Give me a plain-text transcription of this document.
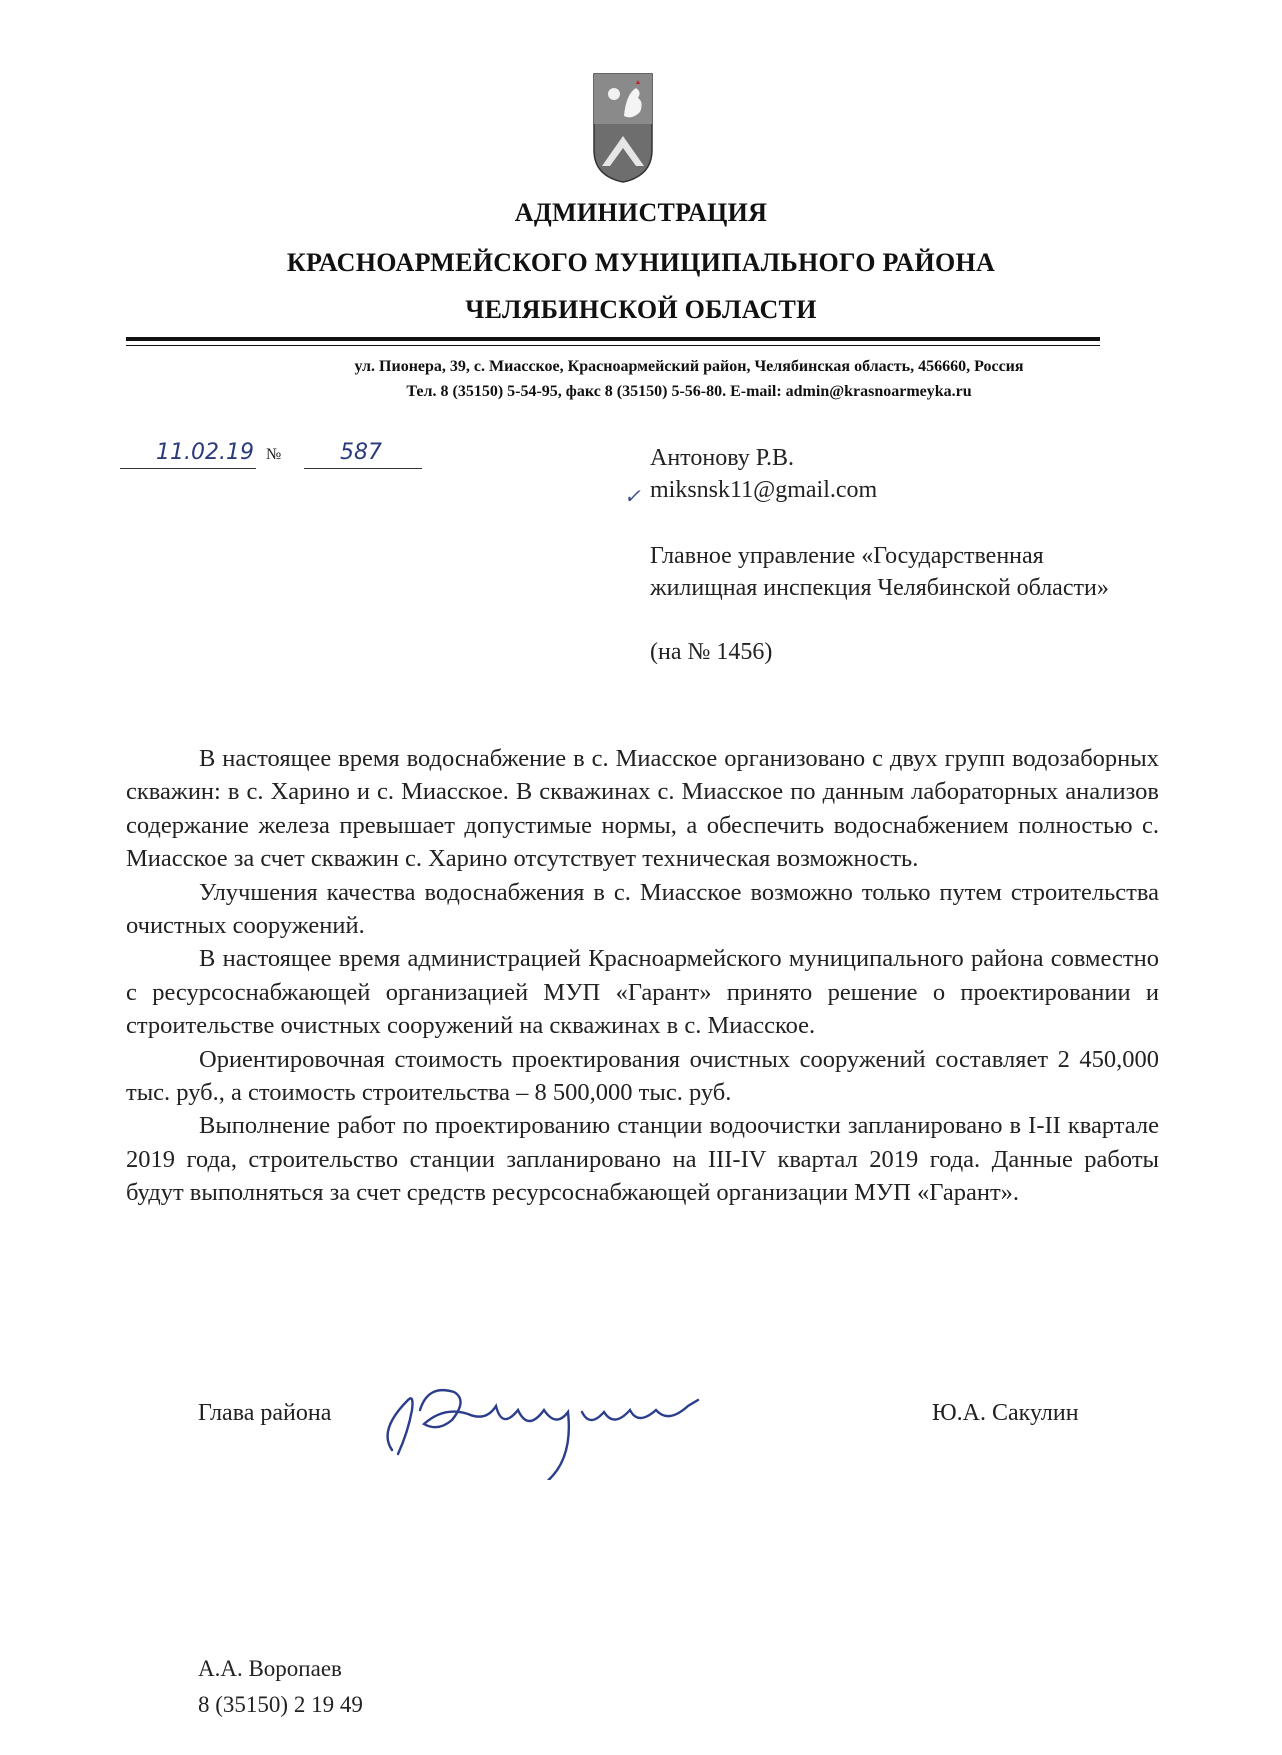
АДМИНИСТРАЦИЯ
КРАСНОАРМЕЙСКОГО МУНИЦИПАЛЬНОГО РАЙОНА
ЧЕЛЯБИНСКОЙ ОБЛАСТИ
ул. Пионера, 39, с. Миасское, Красноармейский район, Челябинская область, 456660, Россия
Тел. 8 (35150) 5-54-95, факс 8 (35150) 5-56-80. E-mail: admin@krasnoarmeyka.ru
11.02.19 №	587	Антонову Р.В.
✓ miksnsk11@gmail.com
Главное управление «Государственная жилищная инспекция Челябинской области»
(на № 1456)

В настоящее время водоснабжение в с. Миасское организовано с двух групп водозаборных скважин: в с. Харино и с. Миасское. В скважинах с. Миасское по данным лабораторных анализов содержание железа превышает допустимые нормы, а обеспечить водоснабжением полностью с. Миасское за счет скважин с. Харино отсутствует техническая возможность.

Улучшения качества водоснабжения в с. Миасское возможно только путем строительства очистных сооружений.

В настоящее время администрацией Красноармейского муниципального района совместно с ресурсоснабжающей организацией МУП «Гарант» принято решение о проектировании и строительстве очистных сооружений на скважинах в с. Миасское.

Ориентировочная стоимость проектирования очистных сооружений составляет 2 450,000 тыс. руб., а стоимость строительства – 8 500,000 тыс. руб.

Выполнение работ по проектированию станции водоочистки запланировано в I-II квартале 2019 года, строительство станции запланировано на III-IV квартал 2019 года. Данные работы будут выполняться за счет средств ресурсоснабжающей организации МУП «Гарант».

Глава района	Ю.А. Сакулин
А.А. Воропаев
8 (35150) 2 19 49
